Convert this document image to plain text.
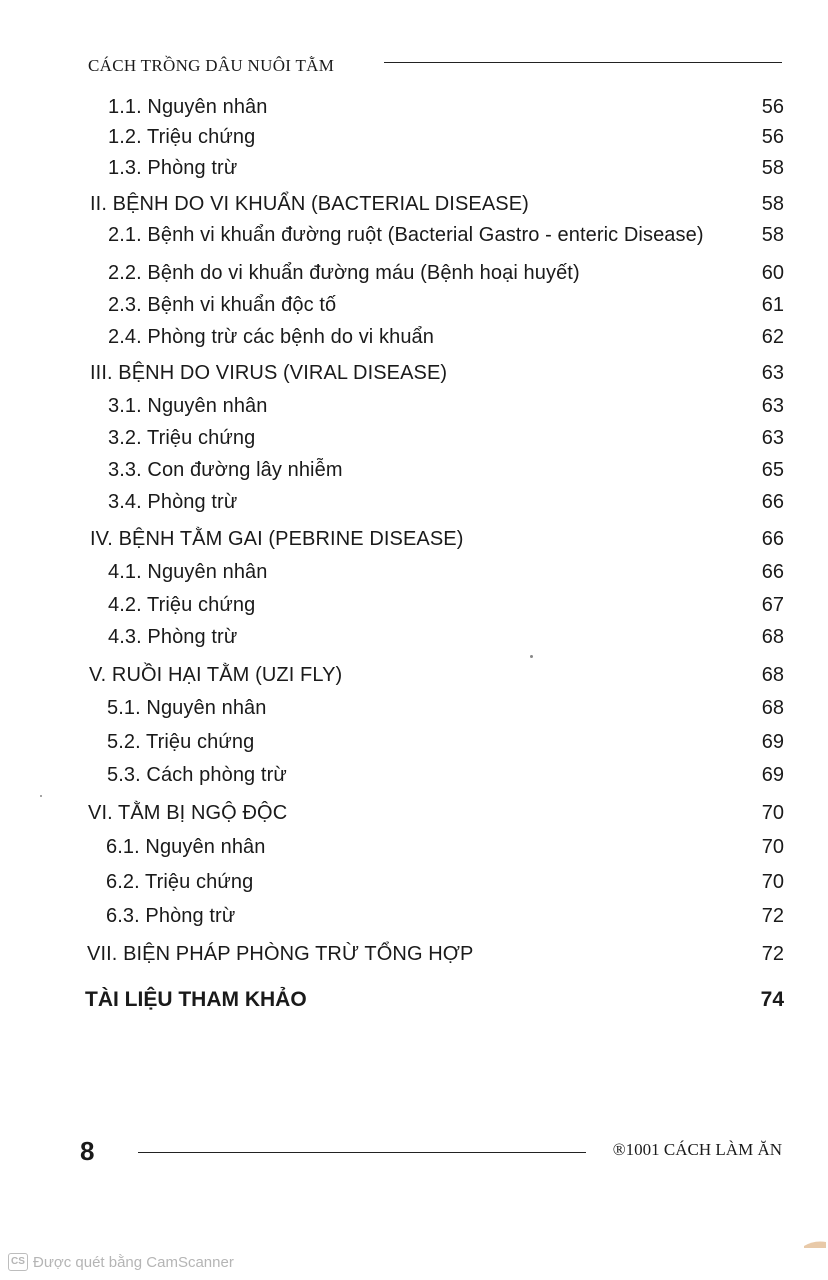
CÁCH TRỒNG DÂU NUÔI TẰM
1.1. Nguyên nhân	56
1.2. Triệu chứng	56
1.3. Phòng trừ	58
II. BỆNH DO VI KHUẨN (BACTERIAL DISEASE)	58
2.1. Bệnh vi khuẩn đường ruột (Bacterial Gastro - enteric Disease)	58
2.2. Bệnh do vi khuẩn đường máu (Bệnh hoại huyết)	60
2.3. Bệnh vi khuẩn độc tố	61
2.4. Phòng trừ các bệnh do vi khuẩn	62
III. BỆNH DO VIRUS (VIRAL DISEASE)	63
3.1. Nguyên nhân	63
3.2. Triệu chứng	63
3.3. Con đường lây nhiễm	65
3.4. Phòng trừ	66
IV. BỆNH TẰM GAI (PEBRINE DISEASE)	66
4.1. Nguyên nhân	66
4.2. Triệu chứng	67
4.3. Phòng trừ	68
V. RUỒI HẠI TẰM (UZI FLY)	68
5.1. Nguyên nhân	68
5.2. Triệu chứng	69
5.3. Cách phòng trừ	69
VI. TẰM BỊ NGỘ ĐỘC	70
6.1. Nguyên nhân	70
6.2. Triệu chứng	70
6.3. Phòng trừ	72
VII. BIỆN PHÁP PHÒNG TRỪ TỔNG HỢP	72
TÀI LIỆU THAM KHẢO	74
8	®1001 CÁCH LÀM ĂN
CS Được quét bằng CamScanner
